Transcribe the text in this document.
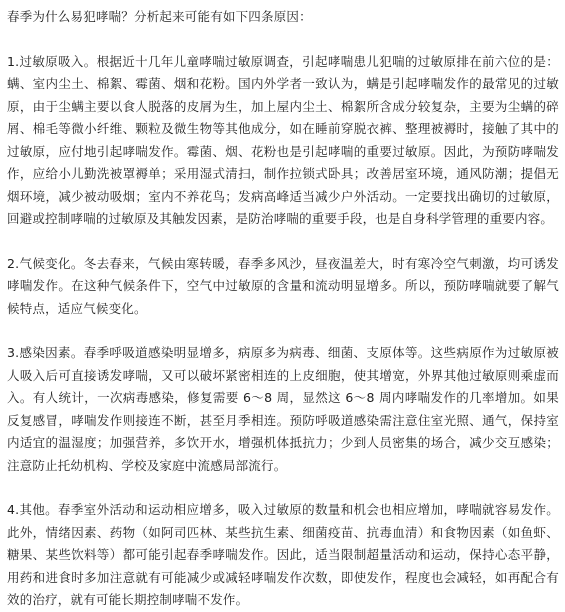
春季为什么易犯哮喘？分析起来可能有如下四条原因：

1.过敏原吸入。根据近十几年儿童哮喘过敏原调查，引起哮喘患儿犯喘的过敏原排在前六位的是：螨、室内尘土、棉絮、霉菌、烟和花粉。国内外学者一致认为，螨是引起哮喘发作的最常见的过敏原，由于尘螨主要以食人脱落的皮屑为生，加上屋内尘土、棉絮所含成分较复杂，主要为尘螨的碎屑、棉毛等微小纤维、颗粒及微生物等其他成分，如在睡前穿脱衣裤、整理被褥时，接触了其中的过敏原，应付地引起哮喘发作。霉菌、烟、花粉也是引起哮喘的重要过敏原。因此，为预防哮喘发作，应给小儿勤洗被罩褥单；采用湿式清扫，制作拉锁式卧具；改善居室环境，通风防潮；提倡无烟环境，减少被动吸烟；室内不养花鸟；发病高峰适当减少户外活动。一定要找出确切的过敏原，回避或控制哮喘的过敏原及其触发因素，是防治哮喘的重要手段，也是自身科学管理的重要内容。

2.气候变化。冬去春来，气候由寒转暖，春季多风沙，昼夜温差大，时有寒冷空气刺激，均可诱发哮喘发作。在这种气候条件下，空气中过敏原的含量和流动明显增多。所以，预防哮喘就要了解气候特点，适应气候变化。

3.感染因素。春季呼吸道感染明显增多，病原多为病毒、细菌、支原体等。这些病原作为过敏原被人吸入后可直接诱发哮喘，又可以破坏紧密相连的上皮细胞，使其增宽，外界其他过敏原则乘虚而入。有人统计，一次病毒感染，修复需要 6～8 周，显然这 6～8 周内哮喘发作的几率增加。如果反复感冒，哮喘发作则接连不断，甚至月季相连。预防呼吸道感染需注意住室光照、通气，保持室内适宜的温湿度；加强营养，多饮开水，增强机体抵抗力；少到人员密集的场合，减少交互感染；注意防止托幼机构、学校及家庭中流感局部流行。

4.其他。春季室外活动和运动相应增多，吸入过敏原的数量和机会也相应增加，哮喘就容易发作。此外，情绪因素、药物（如阿司匹林、某些抗生素、细菌疫苗、抗毒血清）和食物因素（如鱼虾、糖果、某些饮料等）都可能引起春季哮喘发作。因此，适当限制超量活动和运动，保持心态平静，用药和进食时多加注意就有可能减少或减轻哮喘发作次数，即使发作，程度也会减轻，如再配合有效的治疗，就有可能长期控制哮喘不发作。
